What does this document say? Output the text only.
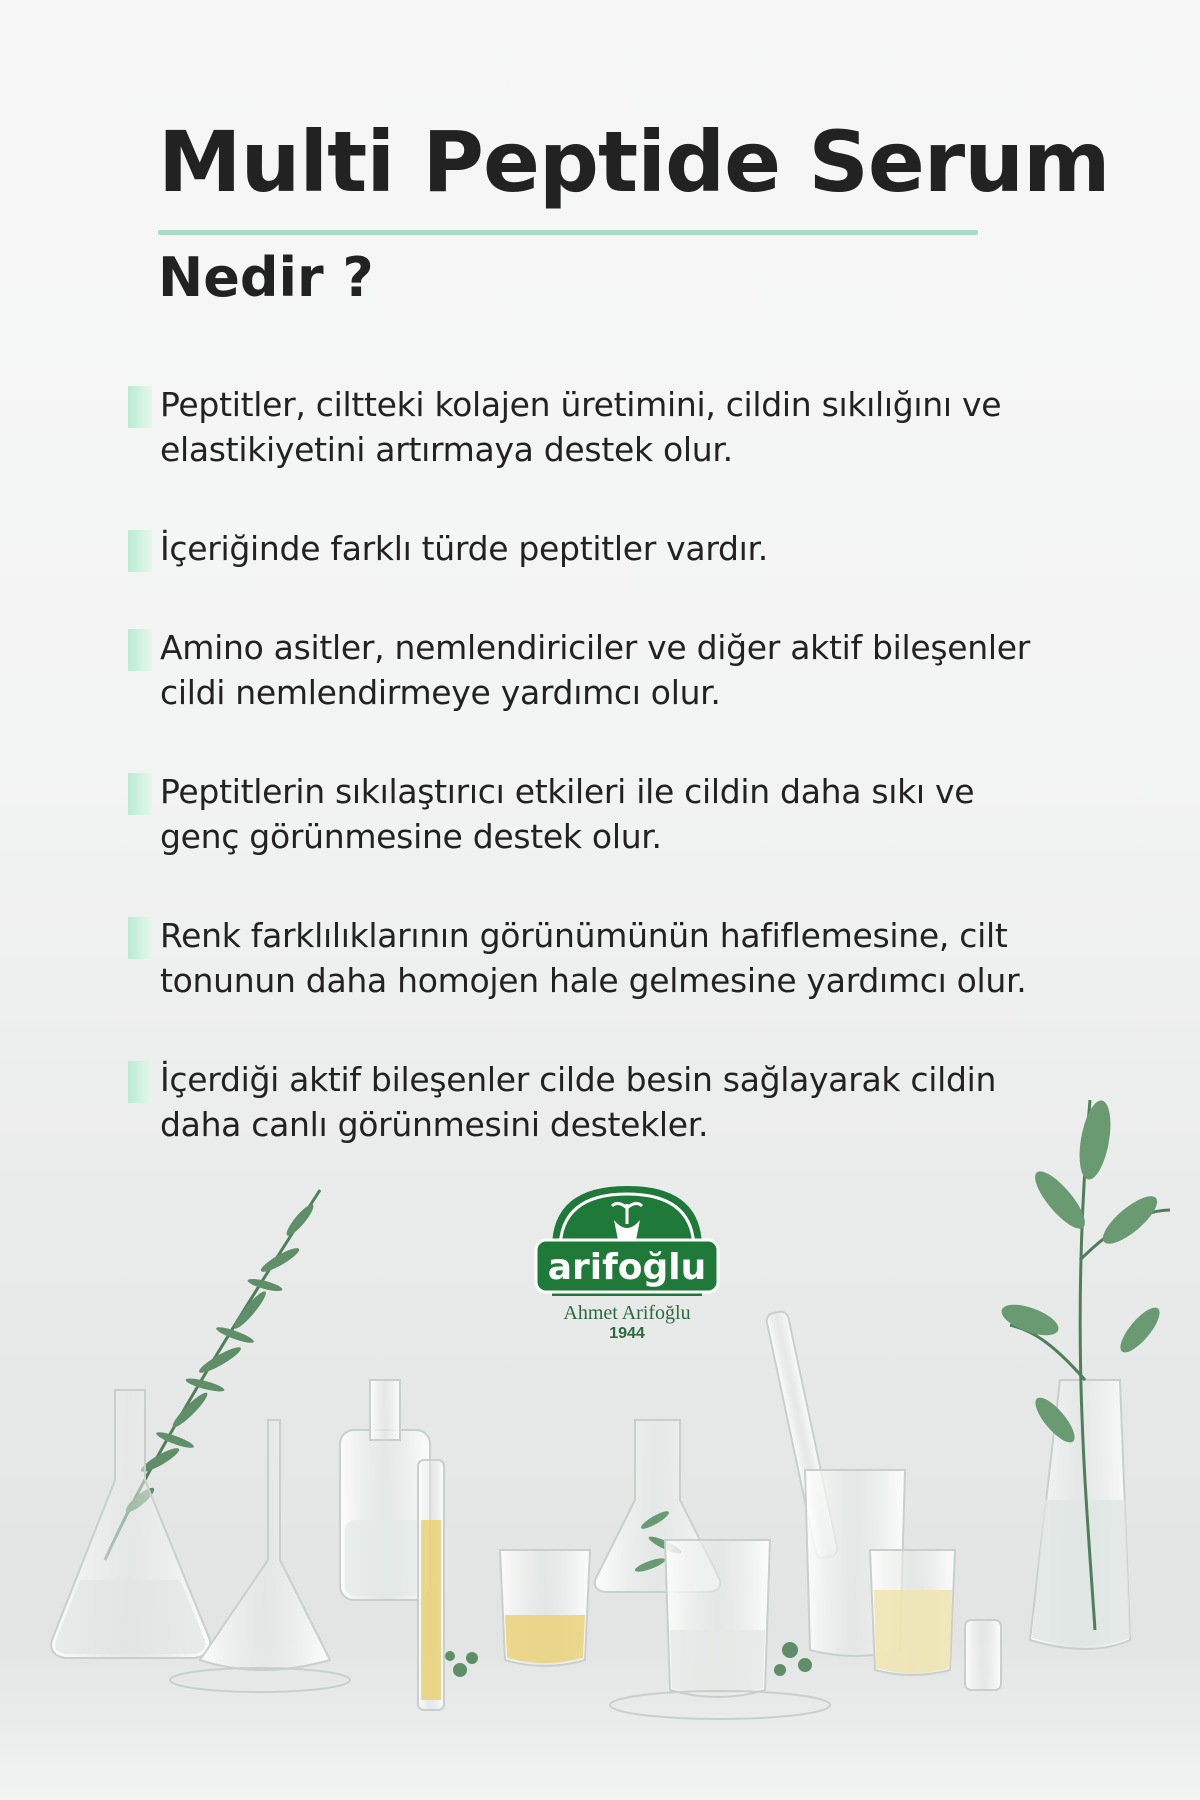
Multi Peptide Serum
Nedir ?
Peptitler, ciltteki kolajen üretimini, cildin sıkılığını ve elastikiyetini artırmaya destek olur.
İçeriğinde farklı türde peptitler vardır.
Amino asitler, nemlendiriciler ve diğer aktif bileşenler cildi nemlendirmeye yardımcı olur.
Peptitlerin sıkılaştırıcı etkileri ile cildin daha sıkı ve genç görünmesine destek olur.
Renk farklılıklarının görünümünün hafiflemesine, cilt tonunun daha homojen hale gelmesine yardımcı olur.
İçerdiği aktif bileşenler cilde besin sağlayarak cildin daha canlı görünmesini destekler.
arifoğlu
Ahmet Arifoğlu
1944
